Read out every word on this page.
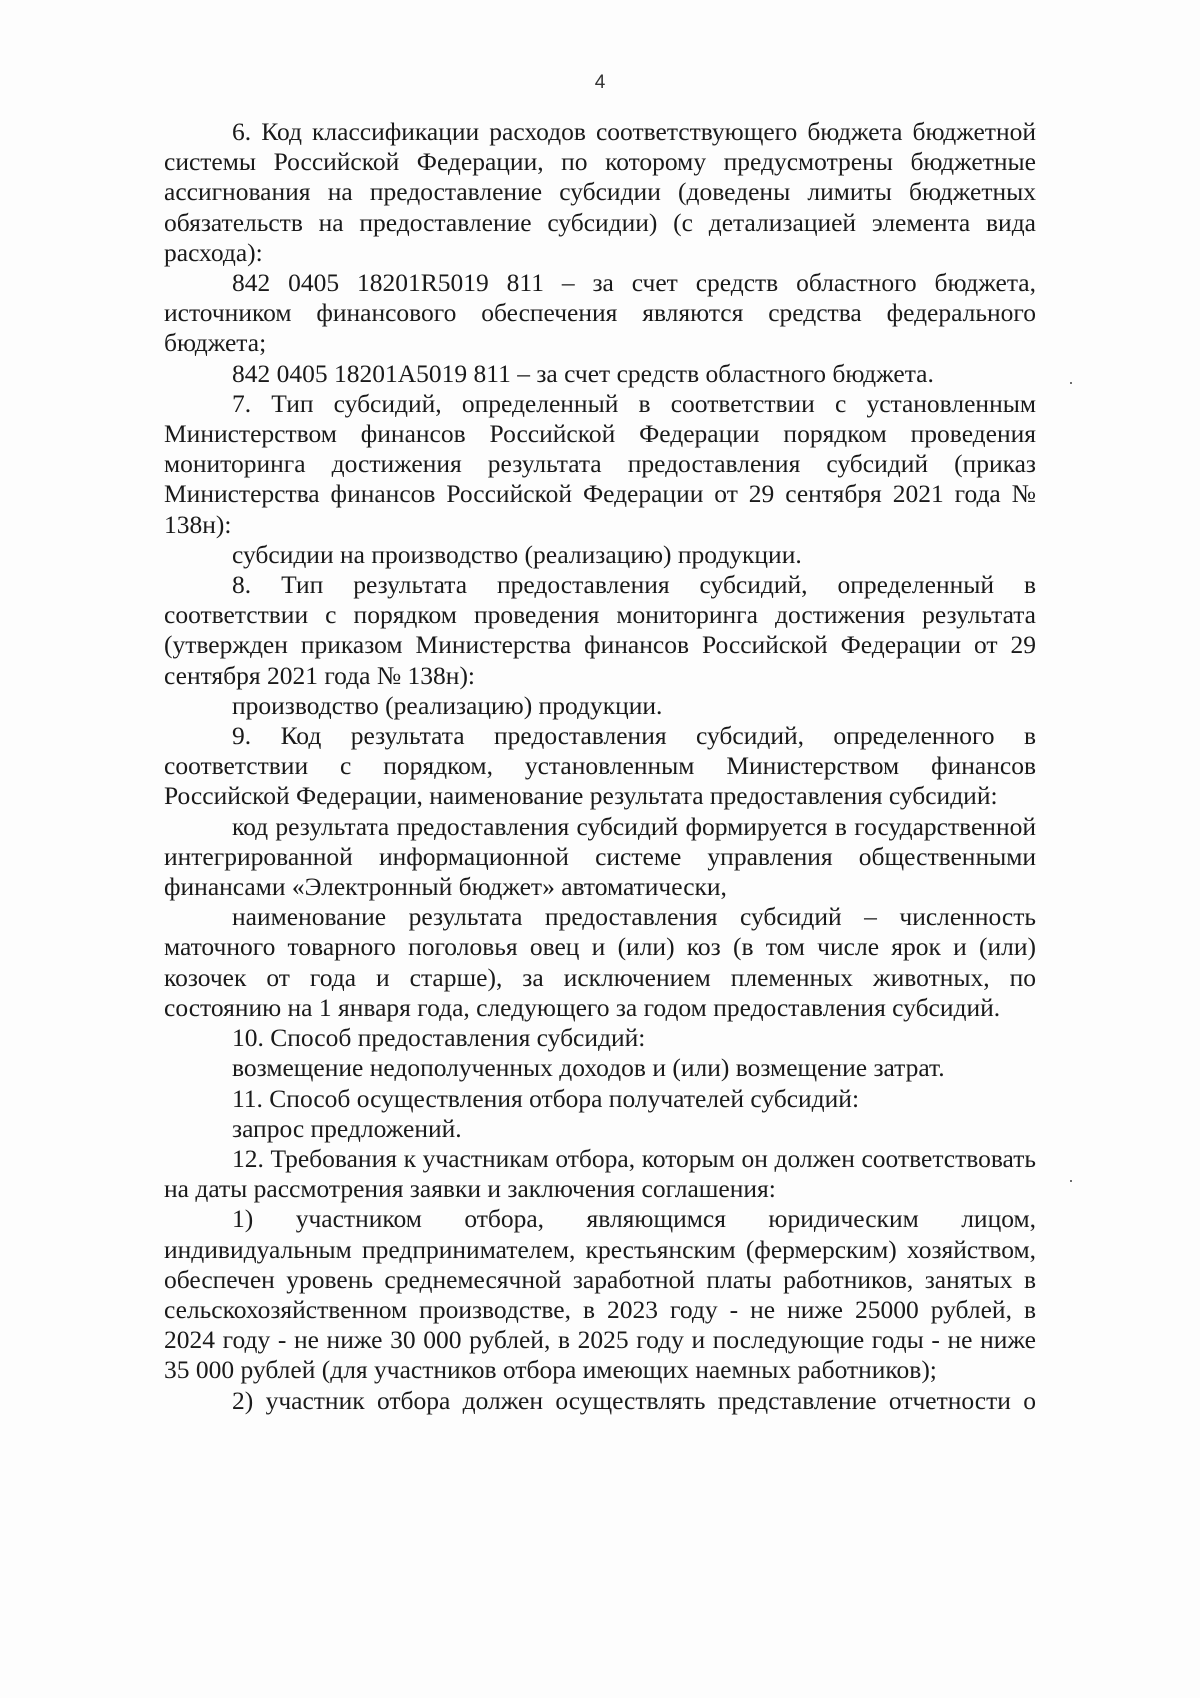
4

6. Код классификации расходов соответствующего бюджета бюджетной системы Российской Федерации, по которому предусмотрены бюджетные ассигнования на предоставление субсидии (доведены лимиты бюджетных обязательств на предоставление субсидии) (с детализацией элемента вида расхода):

842 0405 18201R5019 811 – за счет средств областного бюджета, источником финансового обеспечения являются средства федерального бюджета;

842 0405 18201А5019 811 – за счет средств областного бюджета.

7. Тип субсидий, определенный в соответствии с установленным Министерством финансов Российской Федерации порядком проведения мониторинга достижения результата предоставления субсидий (приказ Министерства финансов Российской Федерации от 29 сентября 2021 года № 138н):

субсидии на производство (реализацию) продукции.

8. Тип результата предоставления субсидий, определенный в соответствии с порядком проведения мониторинга достижения результата (утвержден приказом Министерства финансов Российской Федерации от 29 сентября 2021 года № 138н):

производство (реализацию) продукции.

9. Код результата предоставления субсидий, определенного в соответствии с порядком, установленным Министерством финансов Российской Федерации, наименование результата предоставления субсидий:

код результата предоставления субсидий формируется в государственной интегрированной информационной системе управления общественными финансами «Электронный бюджет» автоматически,

наименование результата предоставления субсидий – численность маточного товарного поголовья овец и (или) коз (в том числе ярок и (или) козочек от года и старше), за исключением племенных животных, по состоянию на 1 января года, следующего за годом предоставления субсидий.

10. Способ предоставления субсидий:

возмещение недополученных доходов и (или) возмещение затрат.

11. Способ осуществления отбора получателей субсидий:

запрос предложений.

12. Требования к участникам отбора, которым он должен соответствовать на даты рассмотрения заявки и заключения соглашения:

1) участником отбора, являющимся юридическим лицом, индивидуальным предпринимателем, крестьянским (фермерским) хозяйством, обеспечен уровень среднемесячной заработной платы работников, занятых в сельскохозяйственном производстве, в 2023 году - не ниже 25000 рублей, в 2024 году - не ниже 30 000 рублей, в 2025 году и последующие годы - не ниже 35 000 рублей (для участников отбора имеющих наемных работников);

2) участник отбора должен осуществлять представление отчетности о

·
·
